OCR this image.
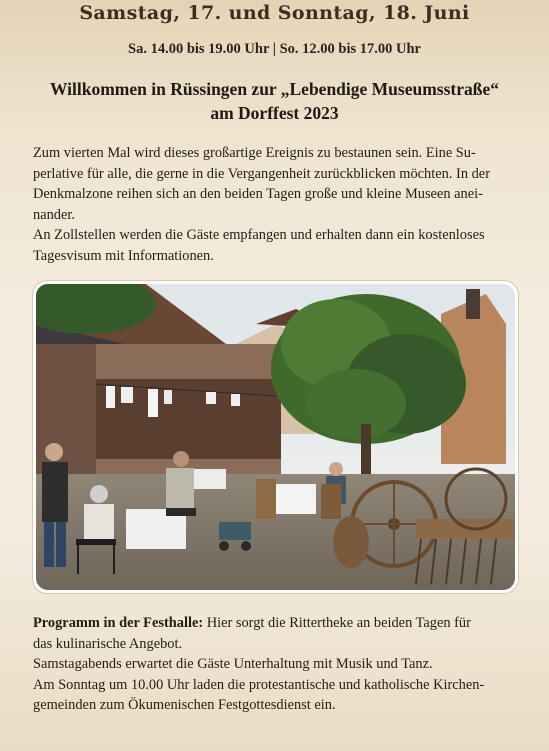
Samstag, 17. und Sonntag, 18. Juni
Sa. 14.00 bis 19.00 Uhr | So. 12.00 bis 17.00 Uhr
Willkommen in Rüssingen zur „Lebendige Museumsstraße“
am Dorffest 2023
Zum vierten Mal wird dieses großartige Ereignis zu bestaunen sein. Eine Su-
perlative für alle, die gerne in die Vergangenheit zurückblicken möchten. In der
Denkmalzone reihen sich an den beiden Tagen große und kleine Museen anei-
nander.
An Zollstellen werden die Gäste empfangen und erhalten dann ein kostenloses
Tagesvisum mit Informationen.
Programm in der Festhalle: Hier sorgt die Rittertheke an beiden Tagen für
das kulinarische Angebot.
Samstagabends erwartet die Gäste Unterhaltung mit Musik und Tanz.
Am Sonntag um 10.00 Uhr laden die protestantische und katholische Kirchen-
gemeinden zum Ökumenischen Festgottesdienst ein.
